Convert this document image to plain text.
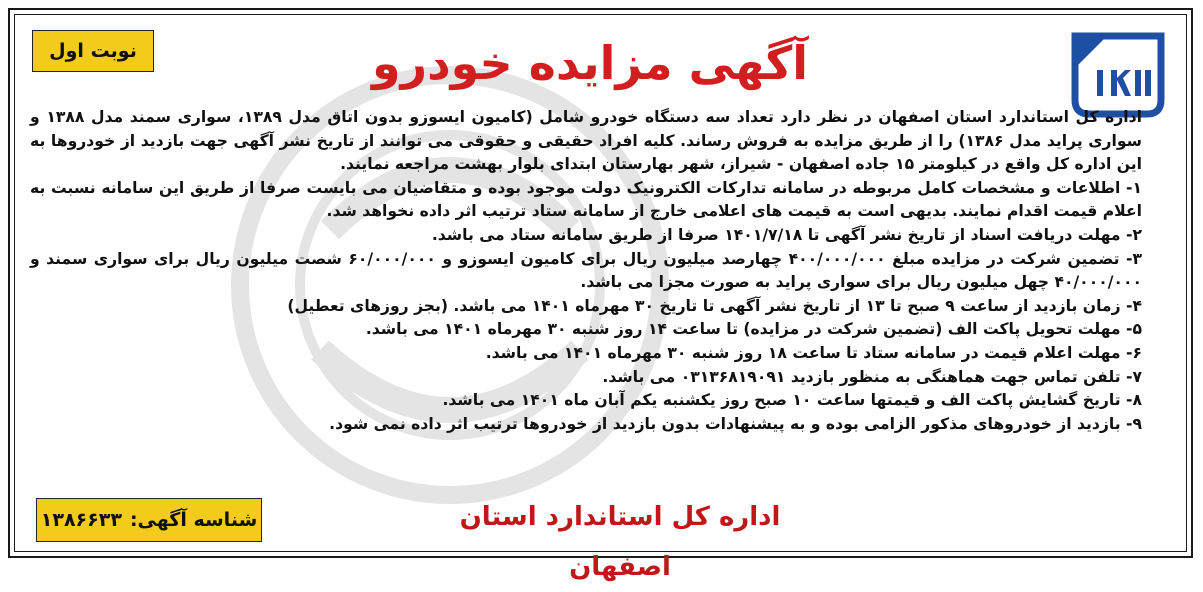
نوبت اول	آگهی مزایده خودرو

اداره کل استاندارد استان اصفهان در نظر دارد تعداد سه دستگاه خودرو شامل (کامیون ایسوزو بدون اتاق مدل ۱۳۸۹، سواری سمند مدل ۱۳۸۸ و سواری پراید مدل ۱۳۸۶) را از طریق مزایده به فروش رساند. کلیه افراد حقیقی و حقوقی می توانند از تاریخ نشر آگهی جهت بازدید از خودروها به این اداره کل واقع در کیلومتر ۱۵ جاده اصفهان - شیراز، شهر بهارستان ابتدای بلوار بهشت مراجعه نمایند.

۱- اطلاعات و مشخصات کامل مربوطه در سامانه تدارکات الکترونیک دولت موجود بوده و متقاضیان می بایست صرفا از طریق این سامانه نسبت به اعلام قیمت اقدام نمایند. بدیهی است به قیمت های اعلامی خارج از سامانه ستاد ترتیب اثر داده نخواهد شد.

۲- مهلت دریافت اسناد از تاریخ نشر آگهی تا ۱۴۰۱/۷/۱۸ صرفا از طریق سامانه ستاد می باشد.

۳- تضمین شرکت در مزایده مبلغ ۴۰۰/۰۰۰/۰۰۰ چهارصد میلیون ریال برای کامیون ایسوزو و ۶۰/۰۰۰/۰۰۰ شصت میلیون ریال برای سواری سمند و ۴۰/۰۰۰/۰۰۰ چهل میلیون ریال برای سواری پراید به صورت مجزا می باشد.

۴- زمان بازدید از ساعت ۹ صبح تا ۱۳ از تاریخ نشر آگهی تا تاریخ ۳۰ مهرماه ۱۴۰۱ می باشد. (بجز روزهای تعطیل)

۵- مهلت تحویل پاکت الف (تضمین شرکت در مزایده) تا ساعت ۱۴ روز شنبه ۳۰ مهرماه ۱۴۰۱ می باشد.

۶- مهلت اعلام قیمت در سامانه ستاد تا ساعت ۱۸ روز شنبه ۳۰ مهرماه ۱۴۰۱ می باشد.

۷- تلفن تماس جهت هماهنگی به منظور بازدید ۰۳۱۳۶۸۱۹۰۹۱ می باشد.

۸- تاریخ گشایش پاکت الف و قیمتها ساعت ۱۰ صبح روز یکشنبه یکم آبان ماه ۱۴۰۱ می باشد.

۹- بازدید از خودروهای مذکور الزامی بوده و به پیشنهادات بدون بازدید از خودروها ترتیب اثر داده نمی شود.

اداره کل استاندارد استان اصفهان
شناسه آگهی:
۱۳۸۶۶۳۳
